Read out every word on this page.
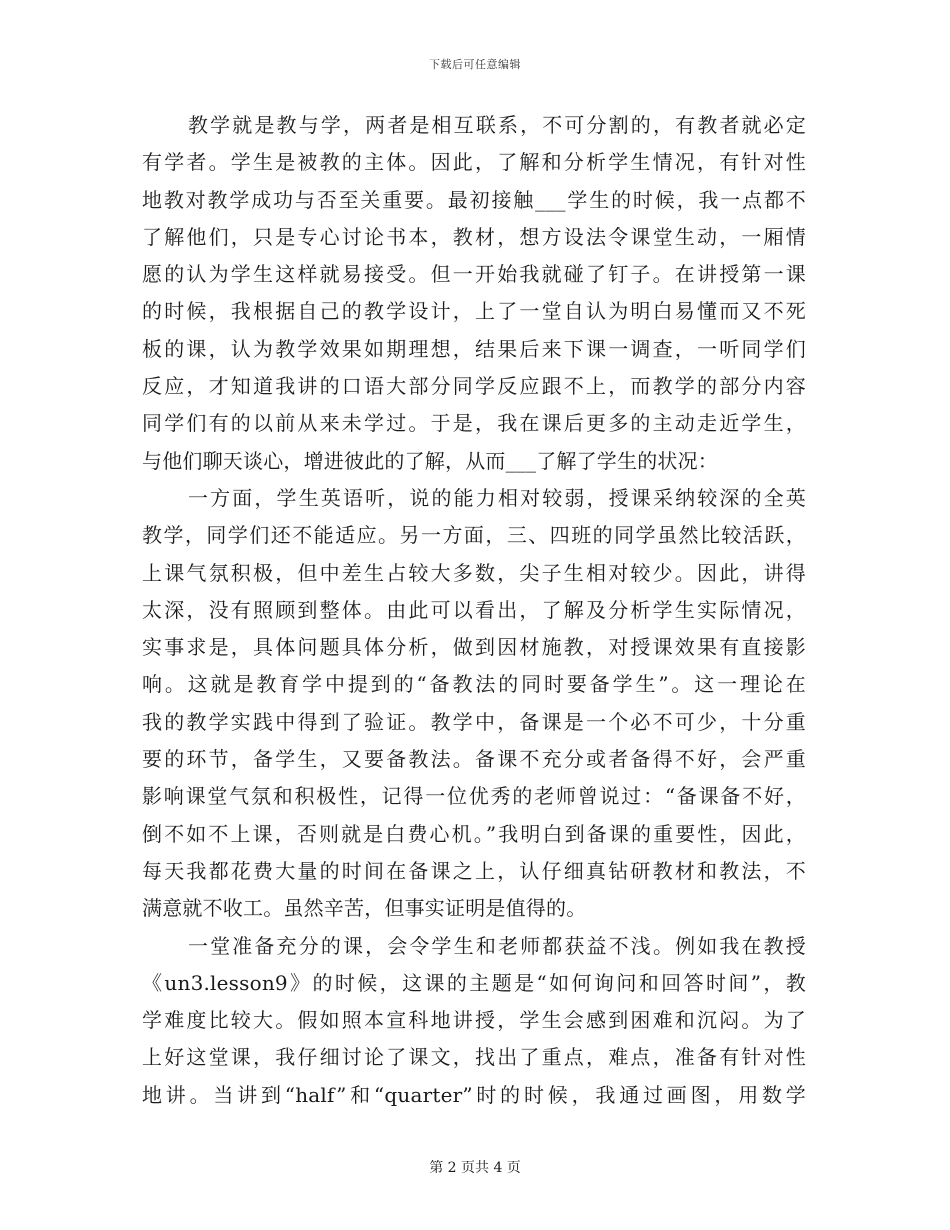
下载后可任意编辑
教学就是教与学，两者是相互联系，不可分割的，有教者就必定
有学者。学生是被教的主体。因此，了解和分析学生情况，有针对性
地教对教学成功与否至关重要。最初接触___学生的时候，我一点都不
了解他们，只是专心讨论书本，教材，想方设法令课堂生动，一厢情
愿的认为学生这样就易接受。但一开始我就碰了钉子。在讲授第一课
的时候，我根据自己的教学设计，上了一堂自认为明白易懂而又不死
板的课，认为教学效果如期理想，结果后来下课一调查，一听同学们
反应，才知道我讲的口语大部分同学反应跟不上，而教学的部分内容
同学们有的以前从来未学过。于是，我在课后更多的主动走近学生，
与他们聊天谈心，增进彼此的了解，从而___了解了学生的状况：
一方面，学生英语听，说的能力相对较弱，授课采纳较深的全英
教学，同学们还不能适应。另一方面，三、四班的同学虽然比较活跃，
上课气氛积极，但中差生占较大多数，尖子生相对较少。因此，讲得
太深，没有照顾到整体。由此可以看出，了解及分析学生实际情况，
实事求是，具体问题具体分析，做到因材施教，对授课效果有直接影
响。这就是教育学中提到的“备教法的同时要备学生”。这一理论在
我的教学实践中得到了验证。教学中，备课是一个必不可少，十分重
要的环节，备学生，又要备教法。备课不充分或者备得不好，会严重
影响课堂气氛和积极性，记得一位优秀的老师曾说过：“备课备不好，
倒不如不上课，否则就是白费心机。”我明白到备课的重要性，因此，
每天我都花费大量的时间在备课之上，认仔细真钻研教材和教法，不
满意就不收工。虽然辛苦，但事实证明是值得的。
一堂准备充分的课，会令学生和老师都获益不浅。例如我在教授
《un3.lesson9》的时候，这课的主题是“如何询问和回答时间”，教
学难度比较大。假如照本宣科地讲授，学生会感到困难和沉闷。为了
上好这堂课，我仔细讨论了课文，找出了重点，难点，准备有针对性
地讲。当讲到“half”和“quarter”时的时候，我通过画图，用数学
第 2 页共 4 页
